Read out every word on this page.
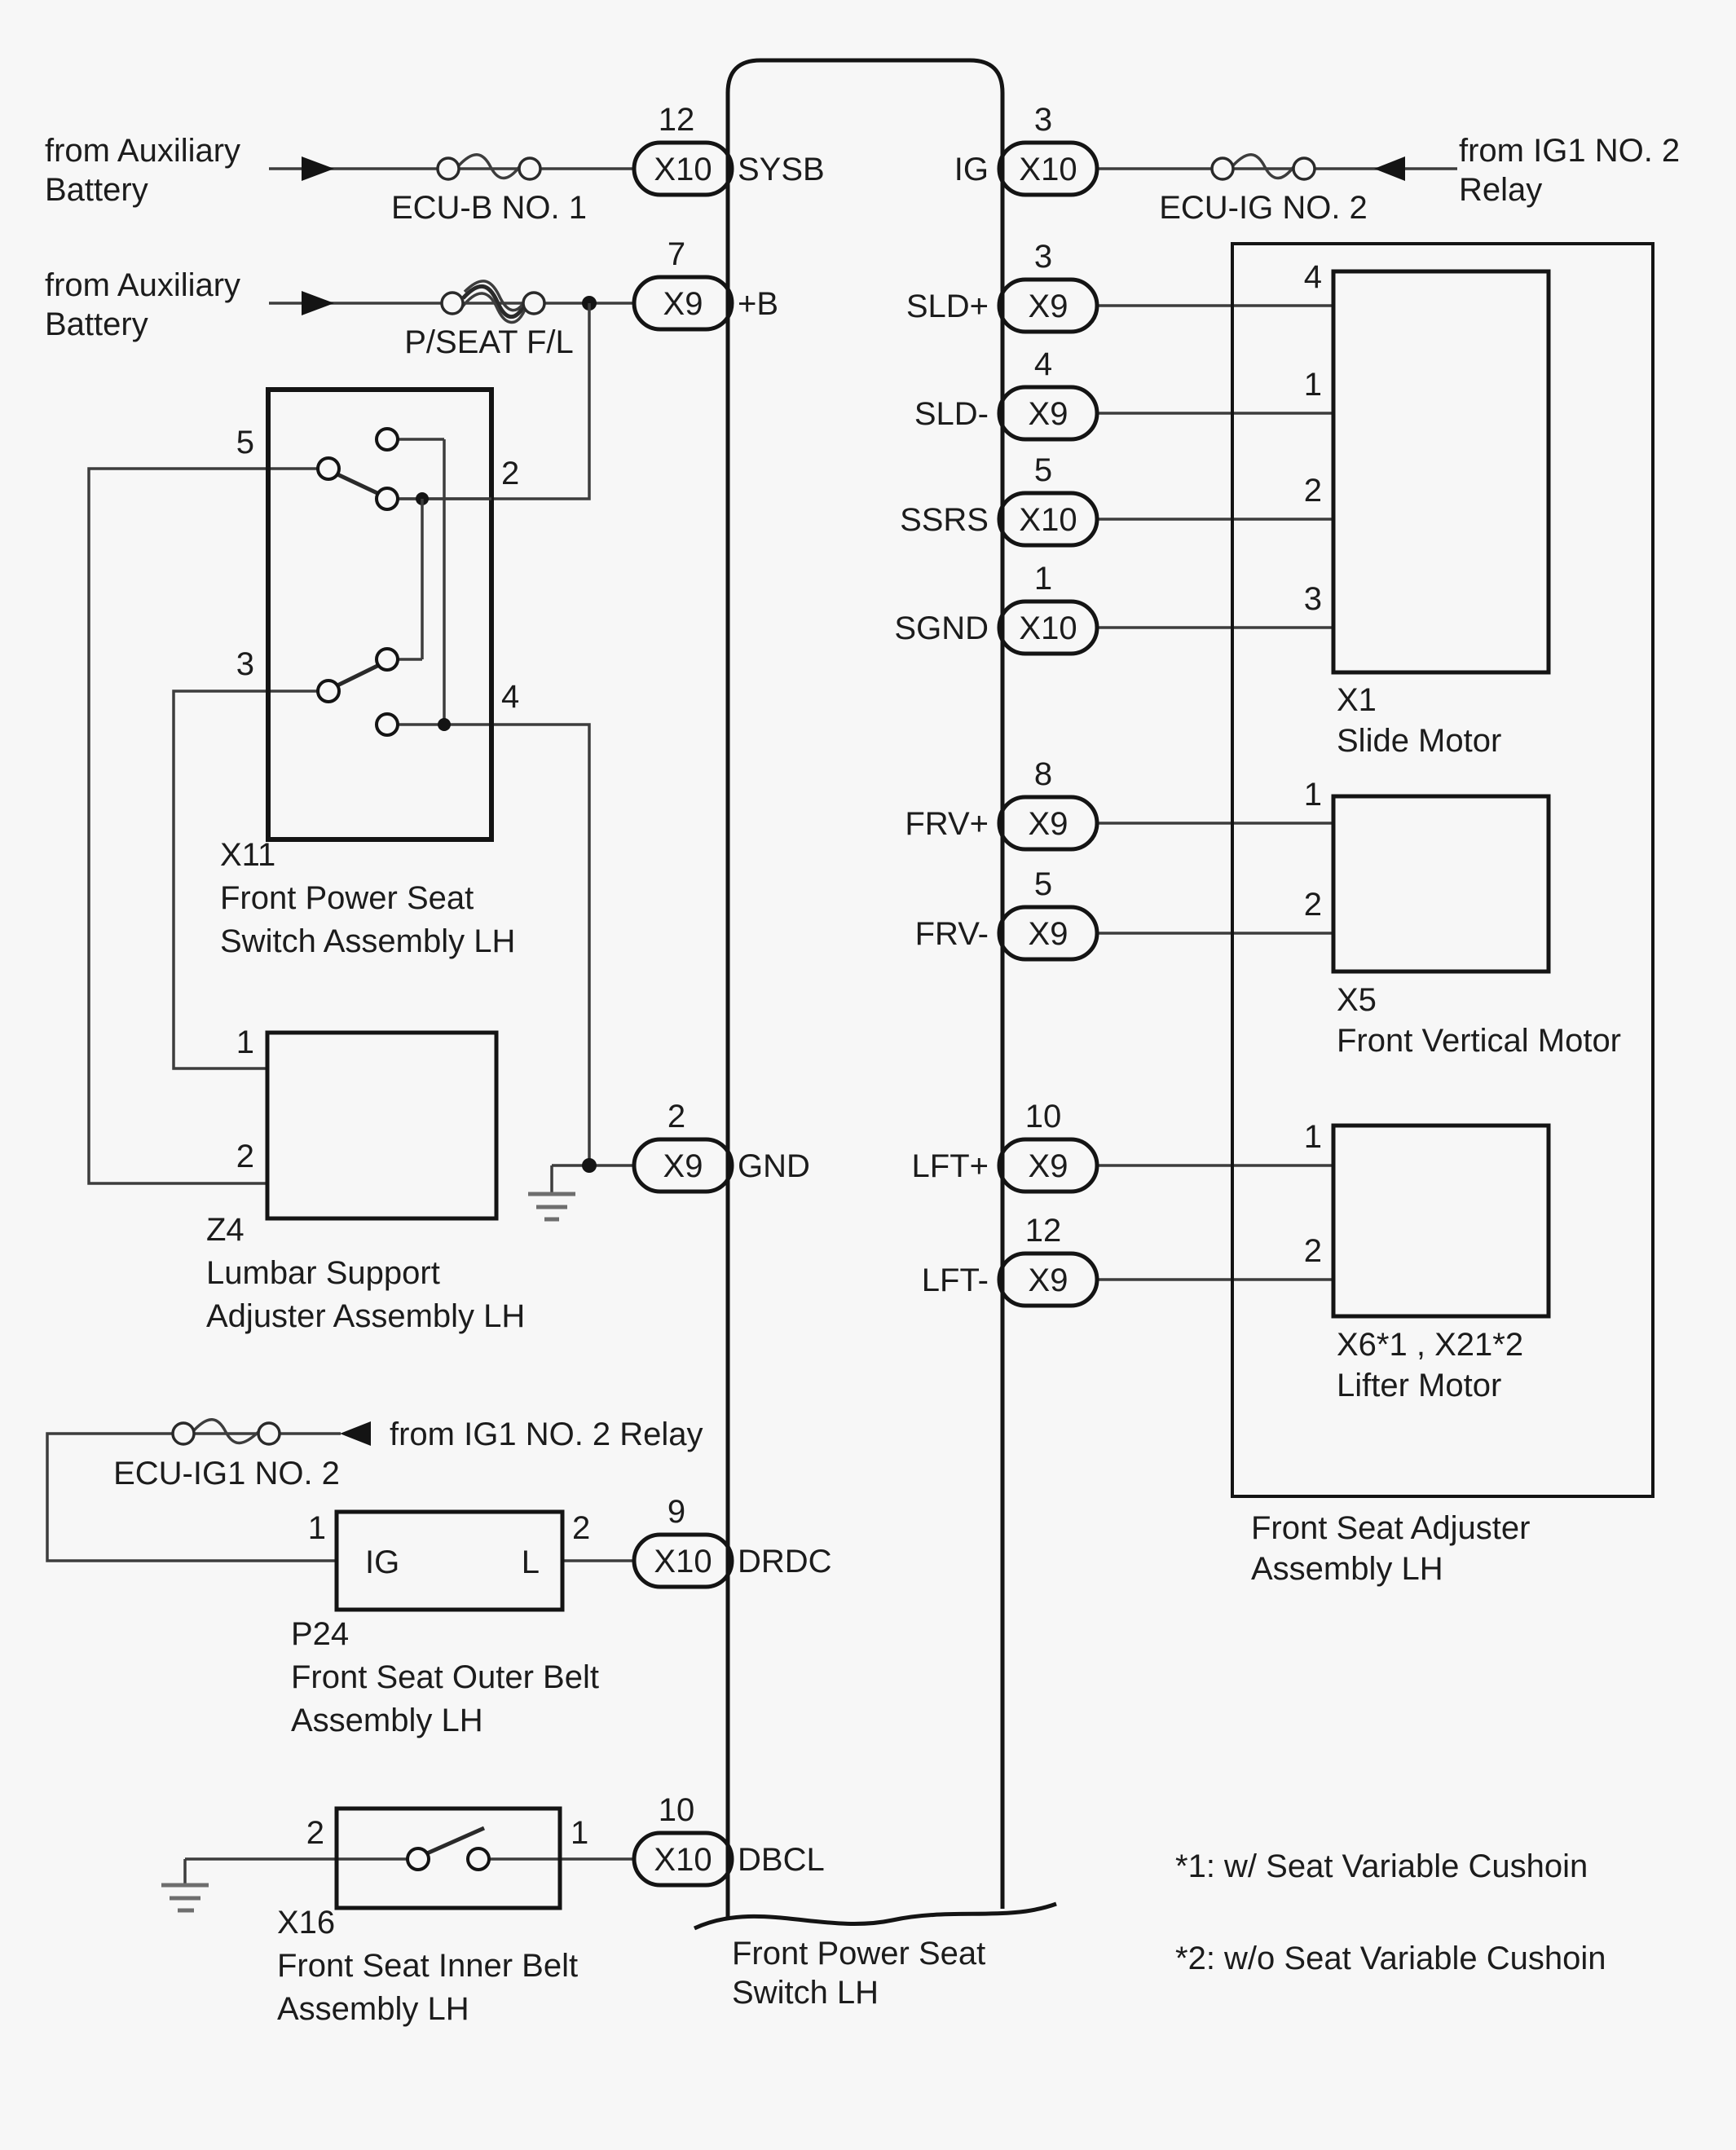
5
2
3
4
X11
Front Power Seat
Switch Assembly LH
1
2
Z4
Lumbar Support
Adjuster Assembly LH
IG	L
1	2
P24
Front Seat Outer Belt
Assembly LH
2	1
X16
Front Seat Inner Belt
Assembly LH
4
1
2
3
1
2
1
2
X1
Slide Motor
X5
Front Vertical Motor
X6*1 , X21*2
Lifter Motor
Front Seat Adjuster
Assembly LH
Front Power Seat
Switch LH
12
X10 SYSB
7
X9 +B
2
X9 GND
9
X10 DRDC
10
X10 DBCL
3
X10
IG
3
X9
SLD+
4
X9
SLD-
5
X10
SSRS
1
X10
SGND
8
X9
FRV+
5
X9
FRV-
10
X9
LFT+
12
X9
LFT-
from Auxiliary
Battery	ECU-B NO. 1
from Auxiliary
Battery	P/SEAT F/L
ECU-IG NO. 2
from IG1 NO. 2
Relay
from IG1 NO. 2 Relay
ECU-IG1 NO. 2
*1: w/ Seat Variable Cushoin
*2: w/o Seat Variable Cushoin
